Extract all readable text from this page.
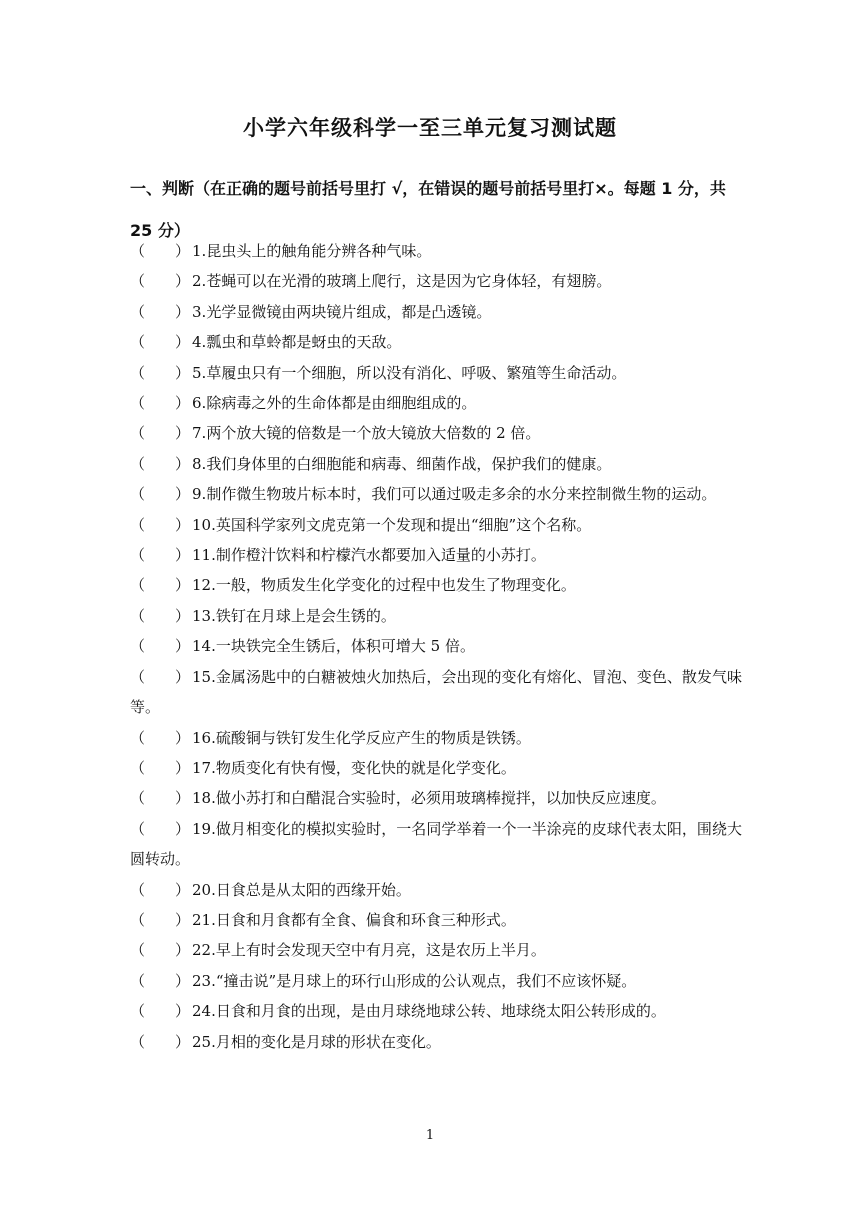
小学六年级科学一至三单元复习测试题
一、判断（在正确的题号前括号里打 √，在错误的题号前括号里打×。每题 1 分，共 25 分）
（　　） 1.昆虫头上的触角能分辨各种气味。
（　　） 2.苍蝇可以在光滑的玻璃上爬行，这是因为它身体轻，有翅膀。
（　　） 3.光学显微镜由两块镜片组成，都是凸透镜。
（　　） 4.瓢虫和草蛉都是蚜虫的天敌。
（　　） 5.草履虫只有一个细胞，所以没有消化、呼吸、繁殖等生命活动。
（　　） 6.除病毒之外的生命体都是由细胞组成的。
（　　） 7.两个放大镜的倍数是一个放大镜放大倍数的 2 倍。
（　　） 8.我们身体里的白细胞能和病毒、细菌作战，保护我们的健康。
（　　） 9.制作微生物玻片标本时，我们可以通过吸走多余的水分来控制微生物的运动。
（　　） 10.英国科学家列文虎克第一个发现和提出“细胞”这个名称。
（　　） 11.制作橙汁饮料和柠檬汽水都要加入适量的小苏打。
（　　） 12.一般，物质发生化学变化的过程中也发生了物理变化。
（　　） 13.铁钉在月球上是会生锈的。
（　　） 14.一块铁完全生锈后，体积可增大 5 倍。
（　　） 15.金属汤匙中的白糖被烛火加热后，会出现的变化有熔化、冒泡、变色、散发气味等。
（　　） 16.硫酸铜与铁钉发生化学反应产生的物质是铁锈。
（　　） 17.物质变化有快有慢，变化快的就是化学变化。
（　　） 18.做小苏打和白醋混合实验时，必须用玻璃棒搅拌，以加快反应速度。
（　　） 19.做月相变化的模拟实验时，一名同学举着一个一半涂亮的皮球代表太阳，围绕大圆转动。
（　　） 20.日食总是从太阳的西缘开始。
（　　） 21.日食和月食都有全食、偏食和环食三种形式。
（　　） 22.早上有时会发现天空中有月亮，这是农历上半月。
（　　） 23.“撞击说”是月球上的环行山形成的公认观点，我们不应该怀疑。
（　　） 24.日食和月食的出现，是由月球绕地球公转、地球绕太阳公转形成的。
（　　） 25.月相的变化是月球的形状在变化。
1
